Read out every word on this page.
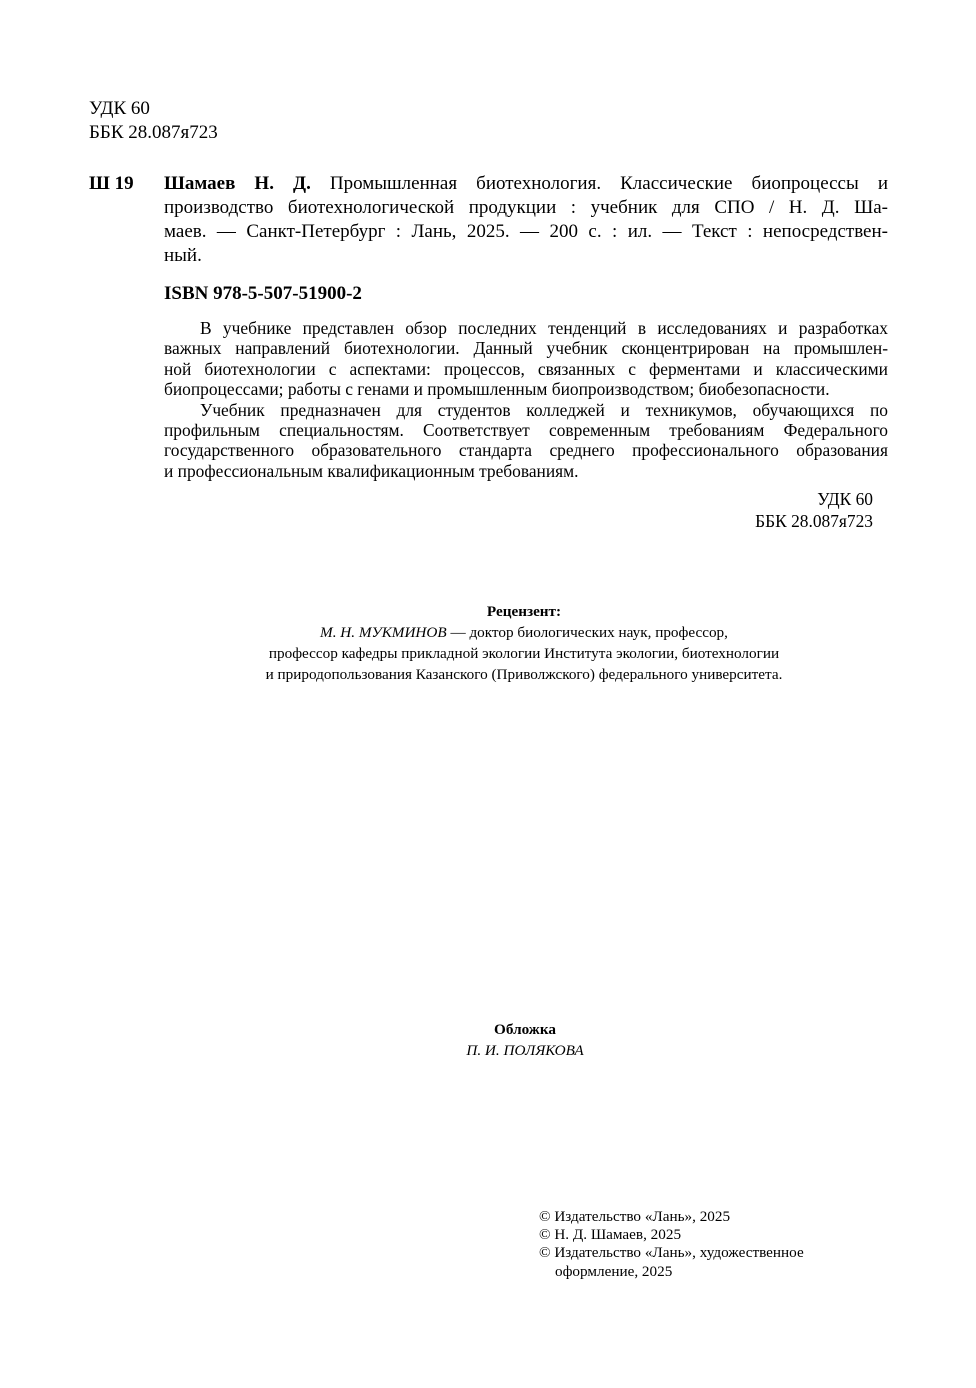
УДК 60
ББК 28.087я723
Ш 19 Шамаев Н. Д. Промышленная биотехнология. Классические биопроцессы и
производство биотехнологической продукции : учебник для СПО / Н. Д. Ша-
маев. — Санкт-Петербург : Лань, 2025. — 200 с. : ил. — Текст : непосредствен-
ный.
ISBN 978-5-507-51900-2
В учебнике представлен обзор последних тенденций в исследованиях и разработках
важных направлений биотехнологии. Данный учебник сконцентрирован на промышлен-
ной биотехнологии с аспектами: процессов, связанных с ферментами и классическими
биопроцессами; работы с генами и промышленным биопроизводством; биобезопасности.
Учебник предназначен для студентов колледжей и техникумов, обучающихся по
профильным специальностям. Соответствует современным требованиям Федерального
государственного образовательного стандарта среднего профессионального образования
и профессиональным квалификационным требованиям.
УДК 60
ББК 28.087я723
Рецензент:
М. Н. МУКМИНОВ — доктор биологических наук, профессор,
профессор кафедры прикладной экологии Института экологии, биотехнологии
и природопользования Казанского (Приволжского) федерального университета.
Обложка
П. И. ПОЛЯКОВА
© Издательство «Лань», 2025
© Н. Д. Шамаев, 2025
© Издательство «Лань», художественное
оформление, 2025
